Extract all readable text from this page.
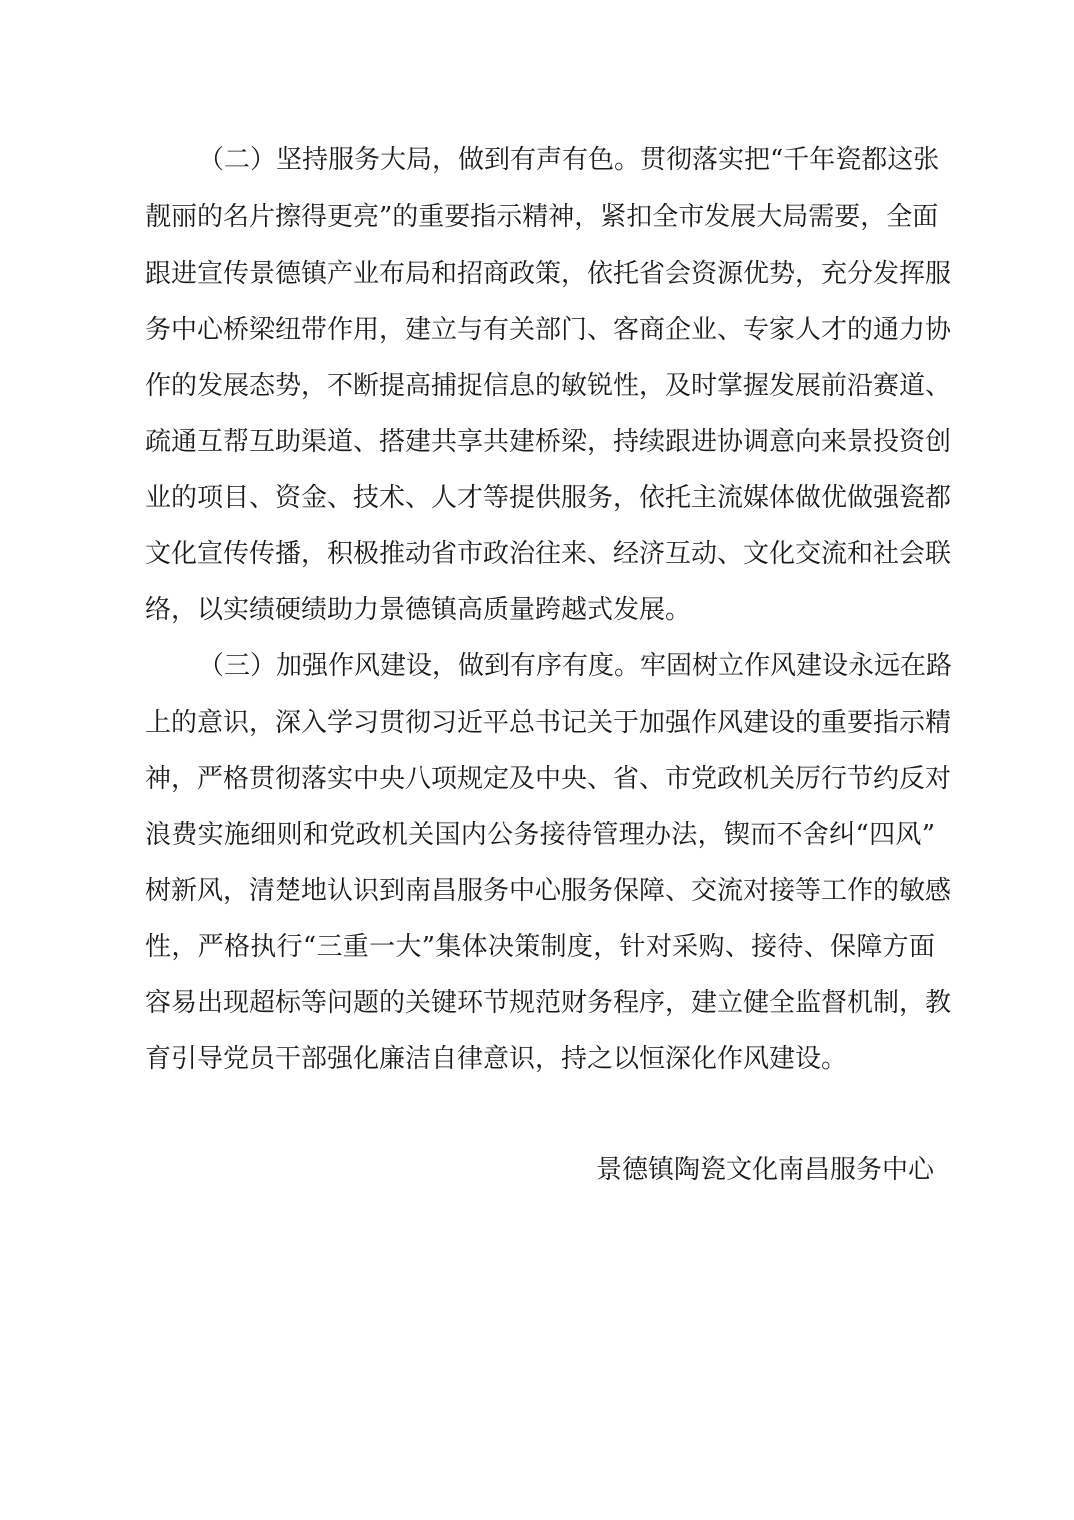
（二）坚持服务大局，做到有声有色。贯彻落实把“千年瓷都这张

靓丽的名片擦得更亮”的重要指示精神，紧扣全市发展大局需要，全面

跟进宣传景德镇产业布局和招商政策，依托省会资源优势，充分发挥服

务中心桥梁纽带作用，建立与有关部门、客商企业、专家人才的通力协

作的发展态势，不断提高捕捉信息的敏锐性，及时掌握发展前沿赛道、

疏通互帮互助渠道、搭建共享共建桥梁，持续跟进协调意向来景投资创

业的项目、资金、技术、人才等提供服务，依托主流媒体做优做强瓷都

文化宣传传播，积极推动省市政治往来、经济互动、文化交流和社会联

络，以实绩硬绩助力景德镇高质量跨越式发展。

（三）加强作风建设，做到有序有度。牢固树立作风建设永远在路

上的意识，深入学习贯彻习近平总书记关于加强作风建设的重要指示精

神，严格贯彻落实中央八项规定及中央、省、市党政机关厉行节约反对

浪费实施细则和党政机关国内公务接待管理办法，锲而不舍纠“四风”

树新风，清楚地认识到南昌服务中心服务保障、交流对接等工作的敏感

性，严格执行“三重一大”集体决策制度，针对采购、接待、保障方面

容易出现超标等问题的关键环节规范财务程序，建立健全监督机制，教

育引导党员干部强化廉洁自律意识，持之以恒深化作风建设。

景德镇陶瓷文化南昌服务中心
